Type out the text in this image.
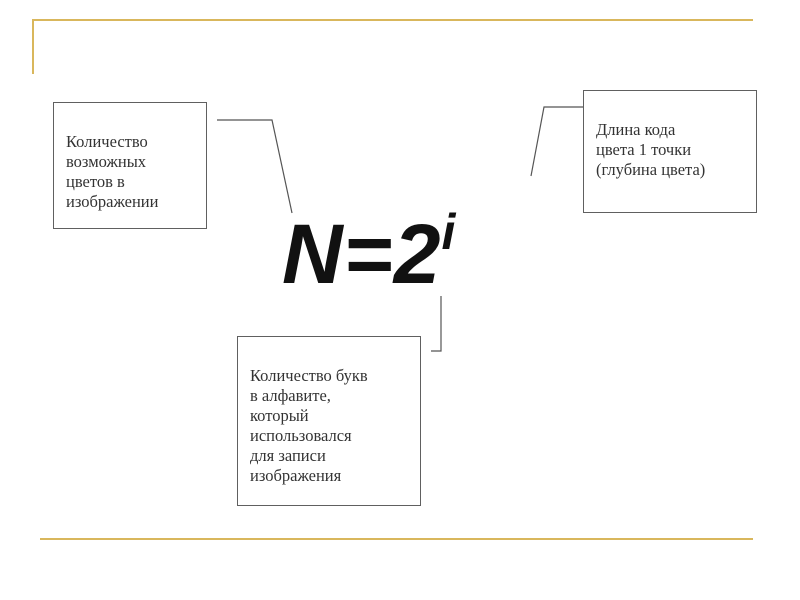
Количество
возможных
цветов в
изображении

Длина кода
цвета 1 точки
(глубина цвета)

$N=2^i$

Количество букв
в алфавите,
который
использовался
для записи
изображения
